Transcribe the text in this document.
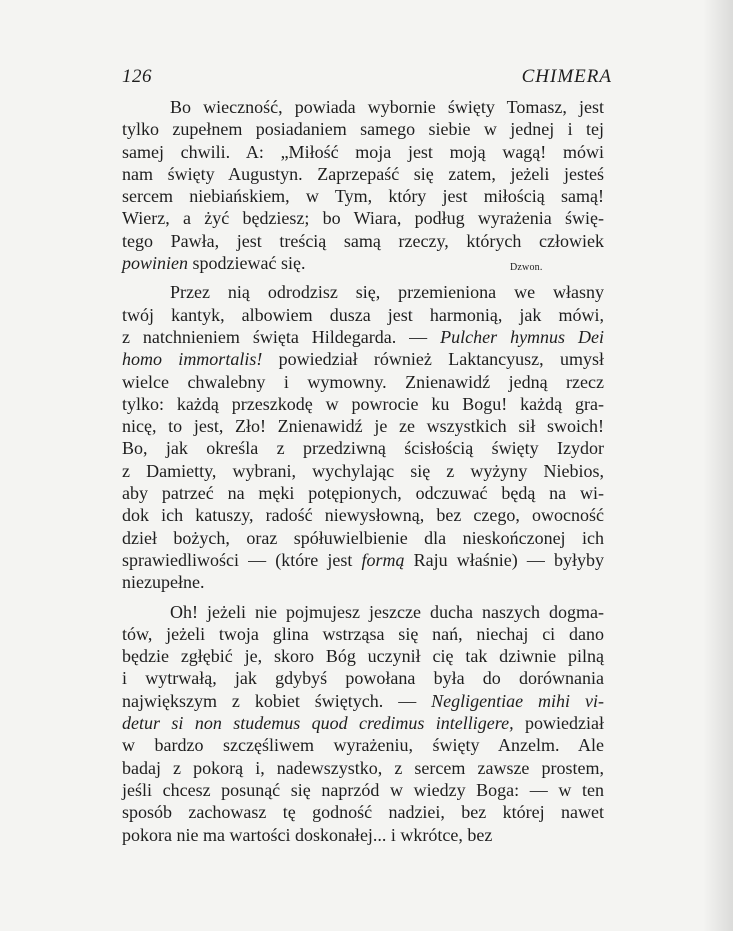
126	CHIMERA
Dzwon.
Bo wieczność, powiada wybornie święty Tomasz, jest
tylko zupełnem posiadaniem samego siebie w jednej i tej
samej chwili. A: „Miłość moja jest moją wagą! mówi
nam święty Augustyn. Zaprzepaść się zatem, jeżeli jesteś
sercem niebiańskiem, w Tym, który jest miłością samą!
Wierz, a żyć będziesz; bo Wiara, podług wyrażenia świę-
tego Pawła, jest treścią samą rzeczy, których człowiek
powinien spodziewać się.
Przez nią odrodzisz się, przemieniona we własny
twój kantyk, albowiem dusza jest harmonią, jak mówi,
z natchnieniem święta Hildegarda. — Pulcher hymnus Dei
homo immortalis! powiedział również Laktancyusz, umysł
wielce chwalebny i wymowny. Znienawidź jedną rzecz
tylko: każdą przeszkodę w powrocie ku Bogu! każdą gra-
nicę, to jest, Zło! Znienawidź je ze wszystkich sił swoich!
Bo, jak określa z przedziwną ścisłością święty Izydor
z Damietty, wybrani, wychylając się z wyżyny Niebios,
aby patrzeć na męki potępionych, odczuwać będą na wi-
dok ich katuszy, radość niewysłowną, bez czego, owocność
dzieł bożych, oraz spółuwielbienie dla nieskończonej ich
sprawiedliwości — (które jest formą Raju właśnie) — byłyby
niezupełne.
Oh! jeżeli nie pojmujesz jeszcze ducha naszych dogma-
tów, jeżeli twoja glina wstrząsa się nań, niechaj ci dano
będzie zgłębić je, skoro Bóg uczynił cię tak dziwnie pilną
i wytrwałą, jak gdybyś powołana była do dorównania
największym z kobiet świętych. — Negligentiae mihi vi-
detur si non studemus quod credimus intelligere, powiedział
w bardzo szczęśliwem wyrażeniu, święty Anzelm. Ale
badaj z pokorą i, nadewszystko, z sercem zawsze prostem,
jeśli chcesz posunąć się naprzód w wiedzy Boga: — w ten
sposób zachowasz tę godność nadziei, bez której nawet
pokora nie ma wartości doskonałej... i wkrótce, bez
